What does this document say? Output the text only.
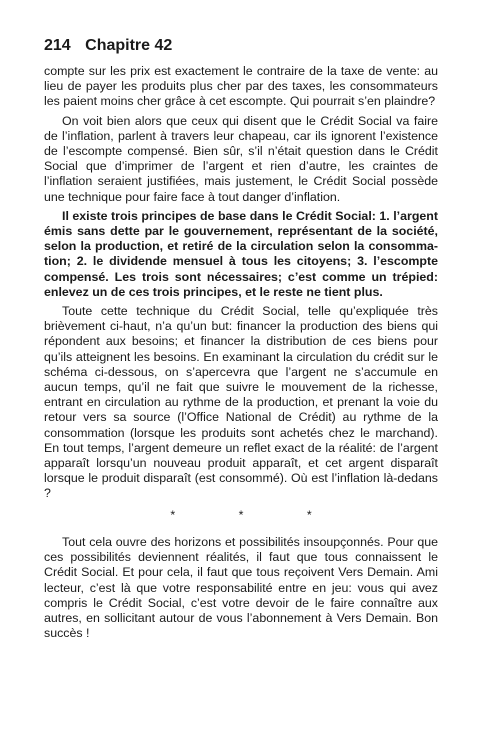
214 Chapitre 42

compte sur les prix est exactement le contraire de la taxe de vente: au lieu de payer les produits plus cher par des taxes, les consommateurs les paient moins cher grâce à cet escompte. Qui pourrait s’en plaindre?

On voit bien alors que ceux qui disent que le Crédit Social va faire de l’inflation, parlent à travers leur chapeau, car ils ignorent l’existence de l’escompte compensé. Bien sûr, s’il n’était question dans le Crédit Social que d’imprimer de l’argent et rien d’autre, les craintes de l’inflation seraient justifiées, mais justement, le Crédit Social possède une technique pour faire face à tout danger d’inflation.

Il existe trois principes de base dans le Crédit Social: 1. l’argent émis sans dette par le gouvernement, représentant de la société, selon la production, et retiré de la circulation selon la consommation; 2. le dividende mensuel à tous les citoyens; 3. l’escompte compensé. Les trois sont nécessaires; c’est comme un trépied: enlevez un de ces trois principes, et le reste ne tient plus.

Toute cette technique du Crédit Social, telle qu’expliquée très brièvement ci-haut, n’a qu’un but: financer la production des biens qui répondent aux besoins; et financer la distribution de ces biens pour qu’ils atteignent les besoins. En examinant la circulation du crédit sur le schéma ci-dessous, on s’apercevra que l’argent ne s’accumule en aucun temps, qu’il ne fait que suivre le mouvement de la richesse, entrant en circulation au rythme de la production, et prenant la voie du retour vers sa source (l’Office National de Crédit) au rythme de la consommation (lorsque les produits sont achetés chez le marchand). En tout temps, l’argent demeure un reflet exact de la réalité: de l’argent apparaît lorsqu’un nouveau produit apparaît, et cet argent disparaît lorsque le produit disparaît (est consommé). Où est l’inflation là-dedans ?

* * *

Tout cela ouvre des horizons et possibilités insoupçonnés. Pour que ces possibilités deviennent réalités, il faut que tous connaissent le Crédit Social. Et pour cela, il faut que tous reçoivent Vers Demain. Ami lecteur, c’est là que votre responsabilité entre en jeu: vous qui avez compris le Crédit Social, c’est votre devoir de le faire connaître aux autres, en sollicitant autour de vous l’abonnement à Vers Demain. Bon succès !
